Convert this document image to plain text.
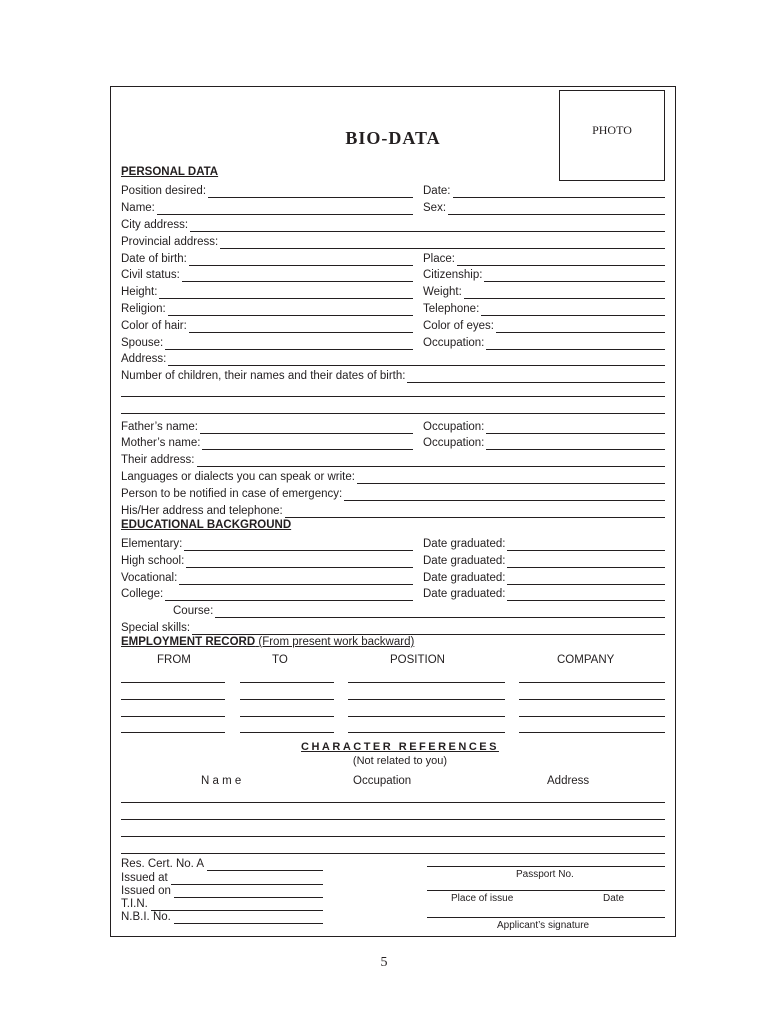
PHOTO
BIO-DATA
PERSONAL DATA
Position desired:	Date:
Name:	Sex:
City address:
Provincial address:
Date of birth:	Place:
Civil status:	Citizenship:
Height:	Weight:
Religion:	Telephone:
Color of hair:	Color of eyes:
Spouse:	Occupation:
Address:
Number of children, their names and their dates of birth:
Father’s name:	Occupation:
Mother’s name:	Occupation:
Their address:
Languages or dialects you can speak or write:
Person to be notified in case of emergency:
His/Her address and telephone:
EDUCATIONAL BACKGROUND
Elementary:	Date graduated:
High school:	Date graduated:
Vocational:	Date graduated:
College:	Date graduated:
Course:
Special skills:
EMPLOYMENT RECORD (From present work backward)
FROM	TO	POSITION	COMPANY
CHARACTER REFERENCES
(Not related to you)
N a m e	Occupation	Address
Res. Cert. No. A
Issued at
Issued on
T.I.N.
N.B.I. No.
Passport No.
Place of issue	Date
Applicant’s signature
5
